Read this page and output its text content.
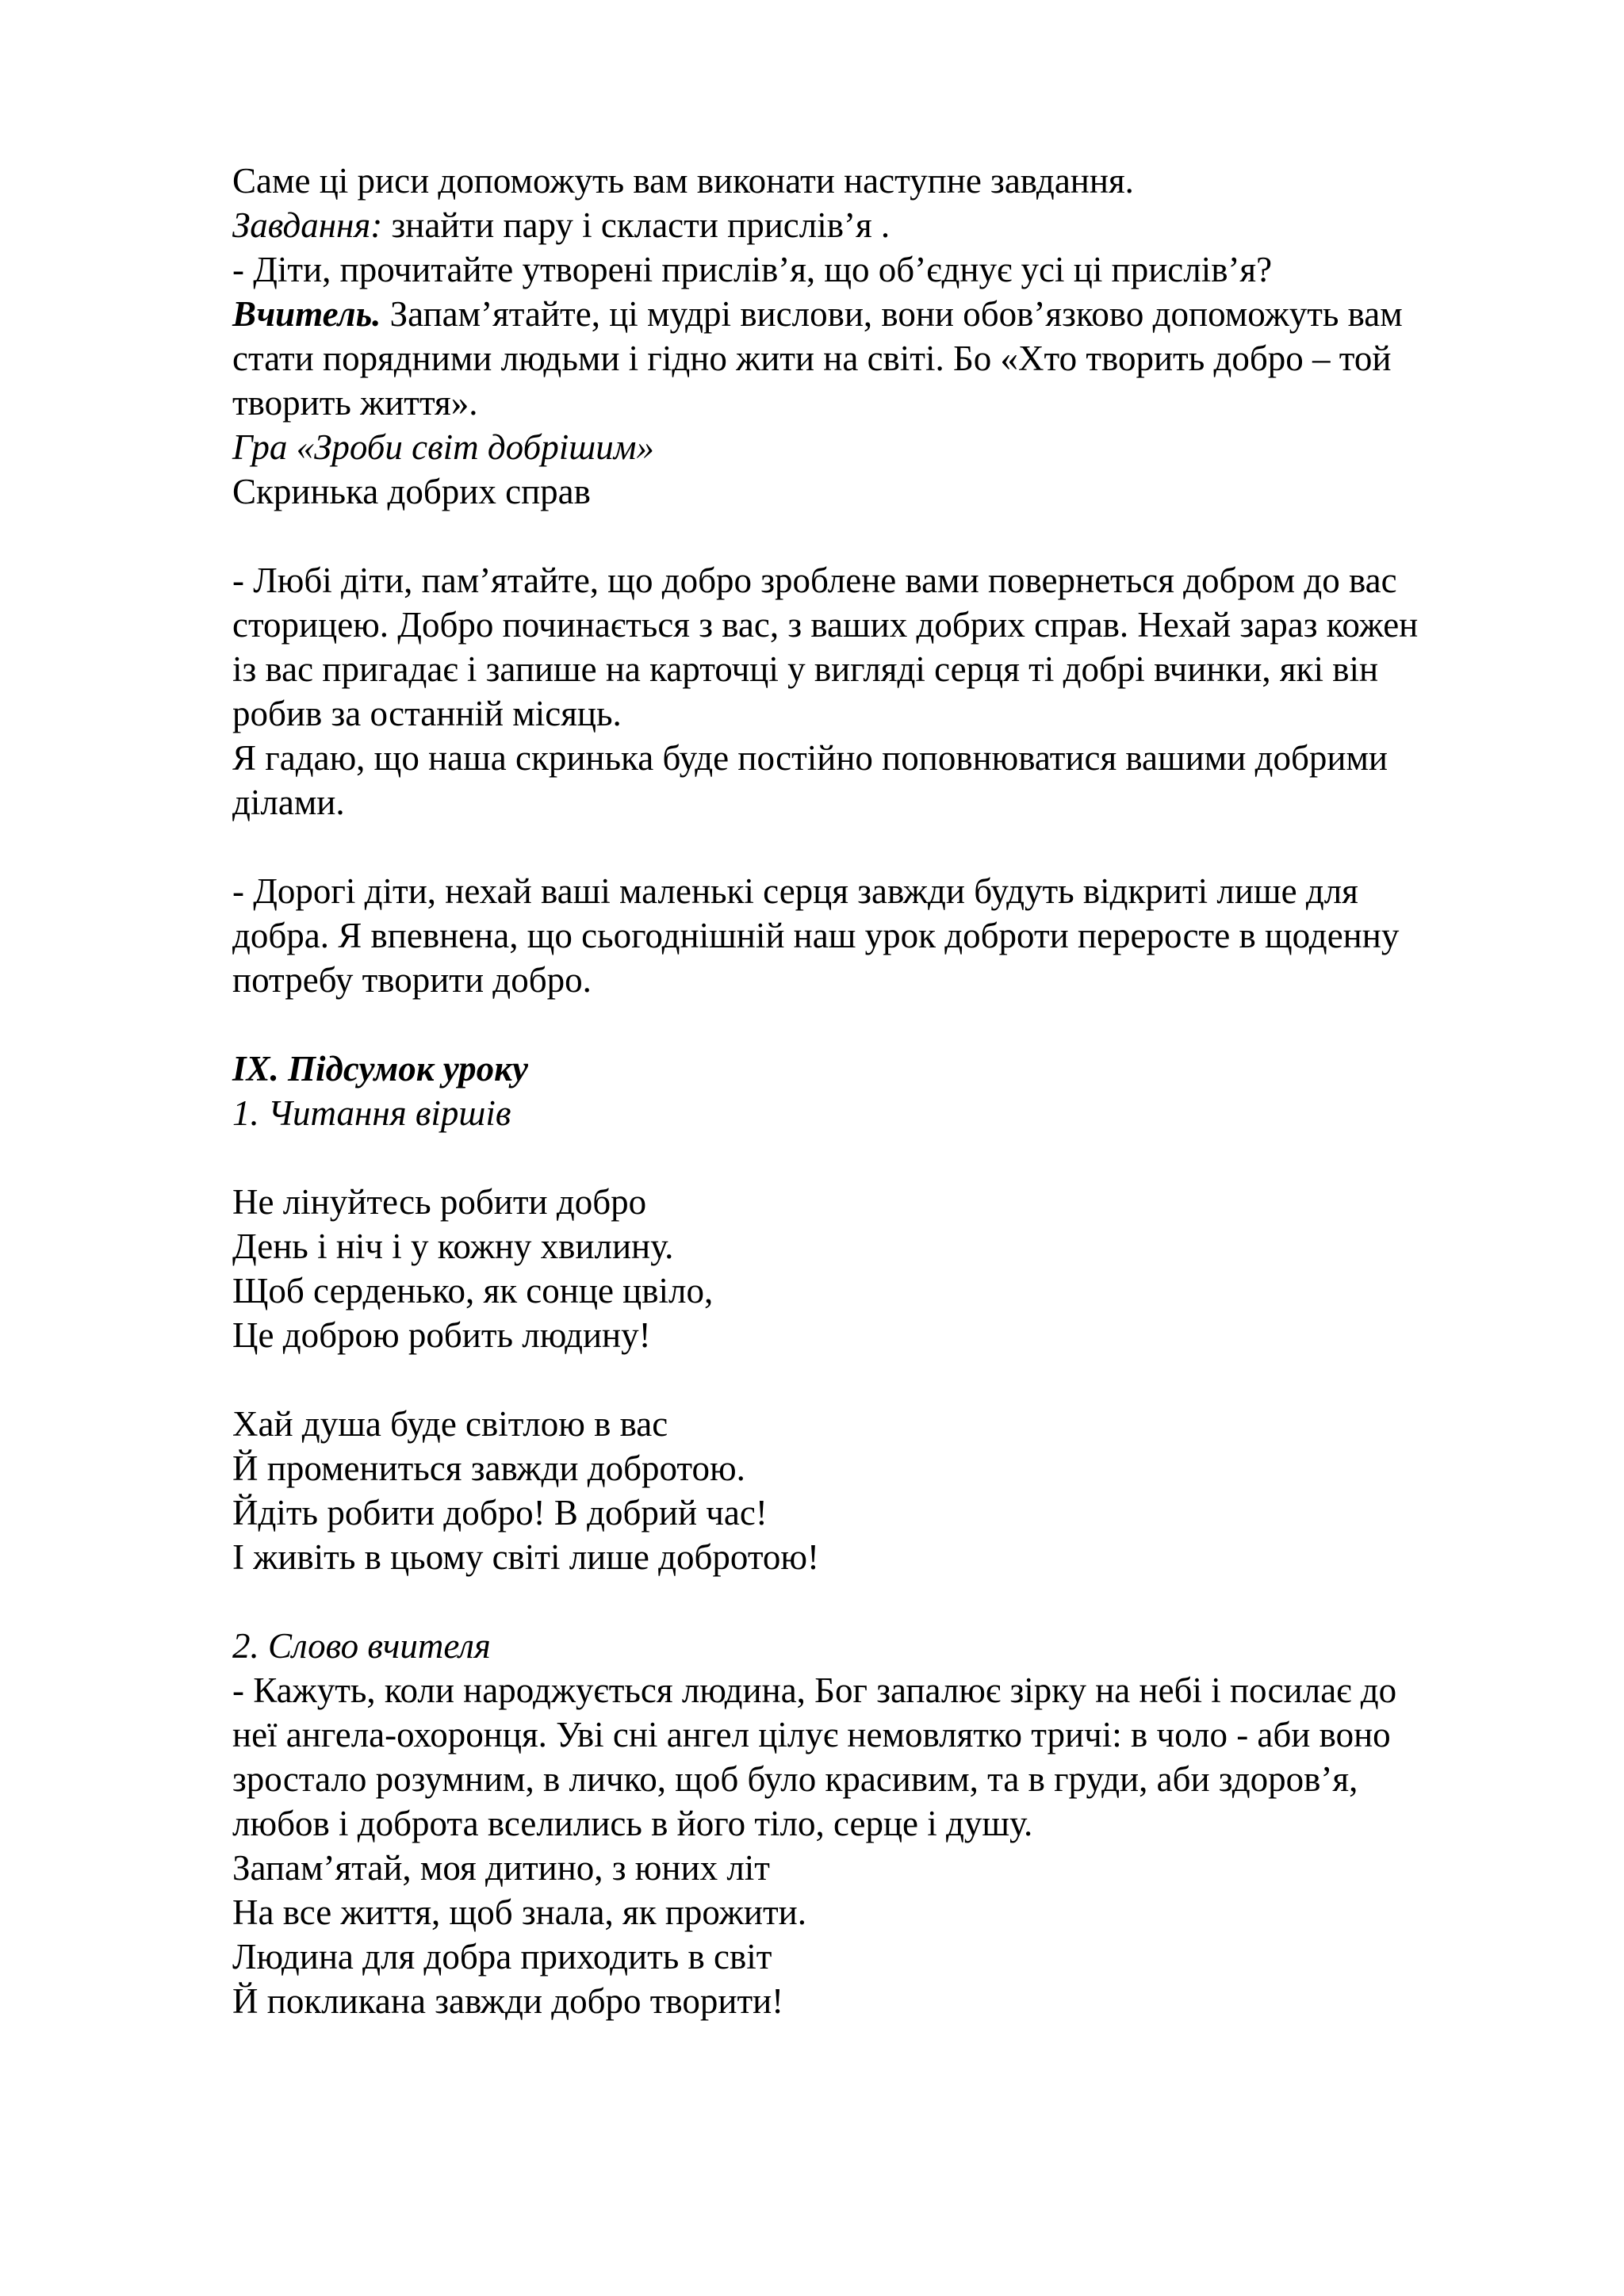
Саме ці риси допоможуть вам виконати наступне завдання.
Завдання: знайти пару і скласти прислів’я .
- Діти, прочитайте утворені прислів’я, що об’єднує усі ці прислів’я?
Вчитель. Запам’ятайте, ці мудрі вислови, вони обов’язково допоможуть вам
стати порядними людьми і гідно жити на світі. Бо «Хто творить добро – той
творить життя».
Гра «Зроби світ добрішим»
Скринька добрих справ
- Любі діти, пам’ятайте, що добро зроблене вами повернеться добром до вас
сторицею. Добро починається з вас, з ваших добрих справ. Нехай зараз кожен
із вас пригадає і запише на карточці у вигляді серця ті добрі вчинки, які він
робив за останній місяць.
Я гадаю, що наша скринька буде постійно поповнюватися вашими добрими
ділами.
- Дорогі діти, нехай ваші маленькі серця завжди будуть відкриті лише для
добра. Я впевнена, що сьогоднішній наш урок доброти переросте в щоденну
потребу творити добро.
IX. Підсумок уроку
1. Читання віршів
Не лінуйтесь робити добро
День і ніч і у кожну хвилину.
Щоб серденько, як сонце цвіло,
Це доброю робить людину!
Хай душа буде світлою в вас
Й промениться завжди добротою.
Йдіть робити добро! В добрий час!
І живіть в цьому світі лише добротою!
2. Слово вчителя
- Кажуть, коли народжується людина, Бог запалює зірку на небі і посилає до
неї ангела-охоронця. Уві сні ангел цілує немовлятко тричі: в чоло - аби воно
зростало розумним, в личко, щоб було красивим, та в груди, аби здоров’я,
любов і доброта вселились в його тіло, серце і душу.
Запам’ятай, моя дитино, з юних літ
На все життя, щоб знала, як прожити.
Людина для добра приходить в світ
Й покликана завжди добро творити!
